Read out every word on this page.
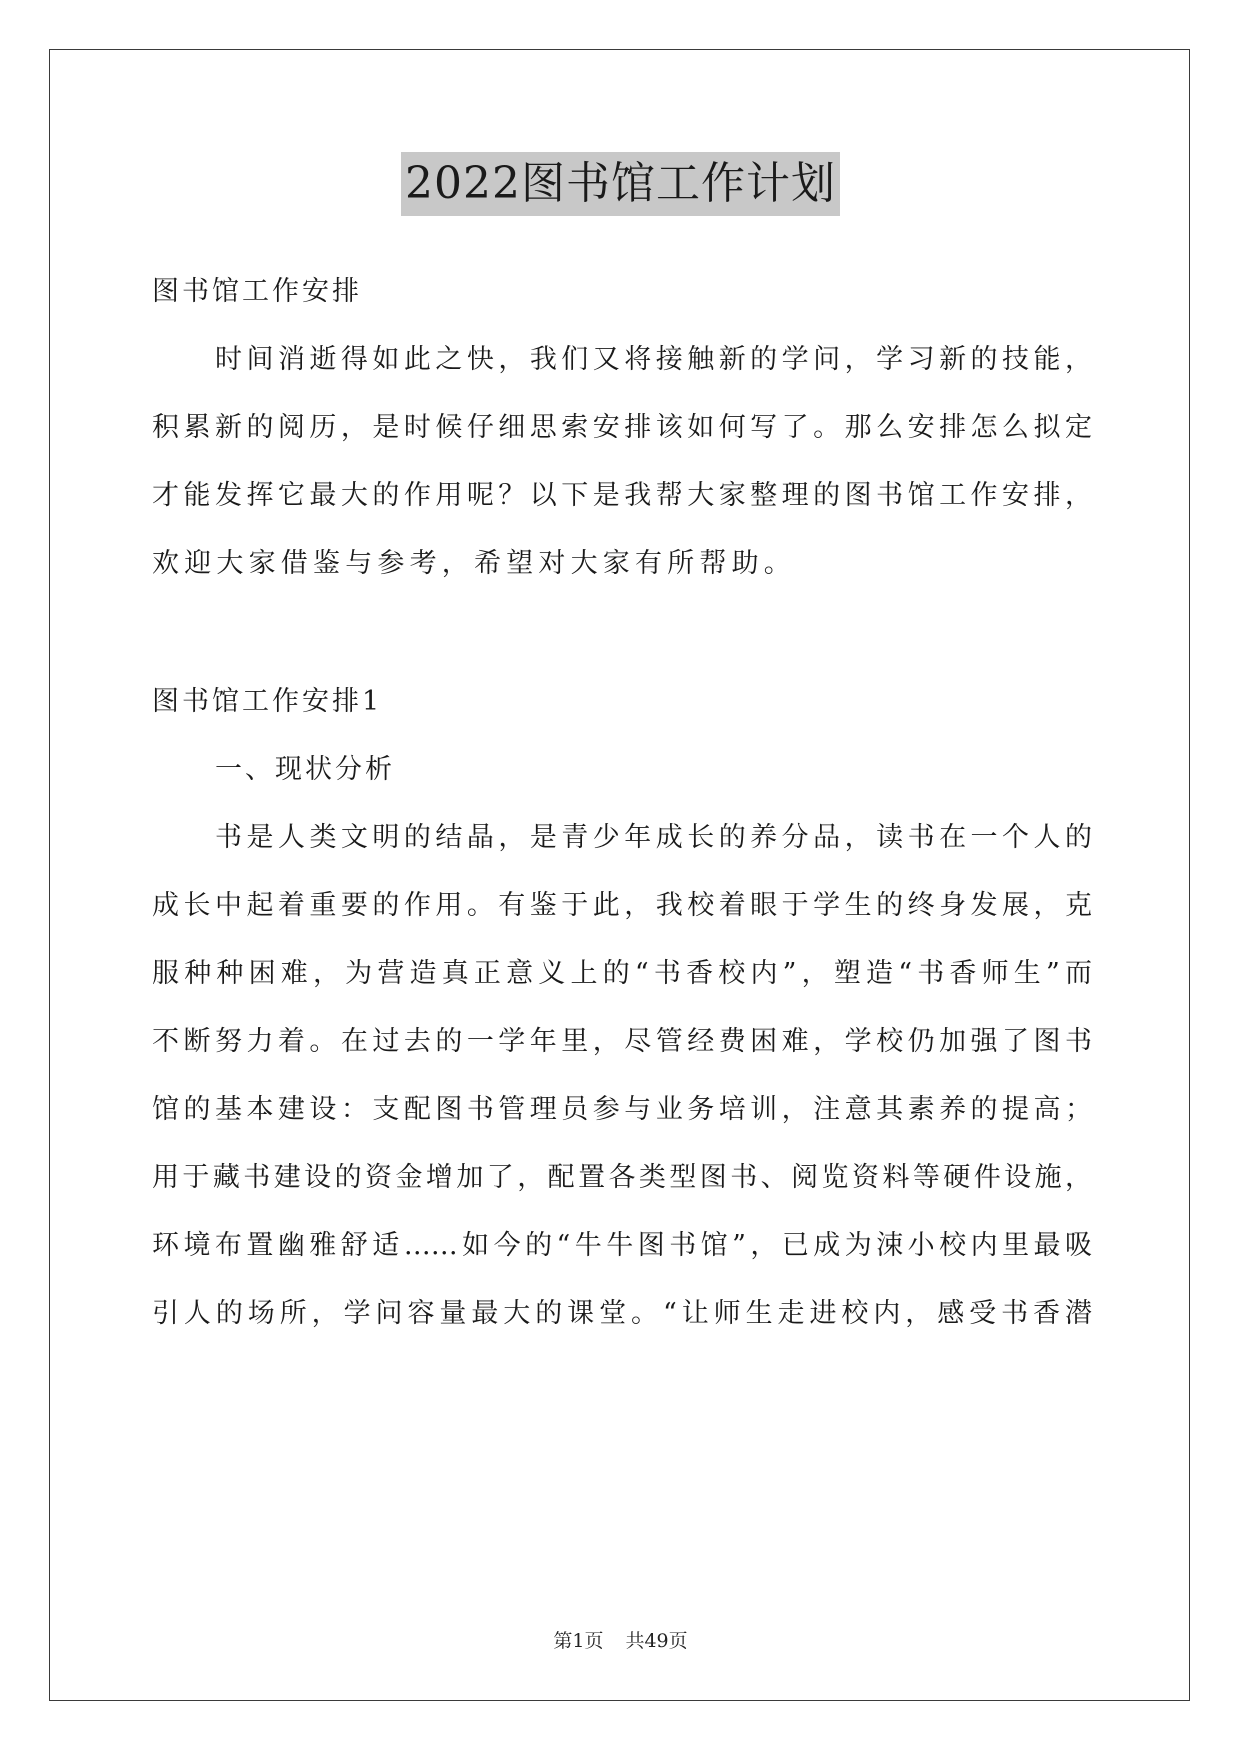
2022图书馆工作计划
图书馆工作安排
时间消逝得如此之快，我们又将接触新的学问，学习新的技能，
积累新的阅历，是时候仔细思索安排该如何写了。那么安排怎么拟定
才能发挥它最大的作用呢？以下是我帮大家整理的图书馆工作安排，
欢迎大家借鉴与参考，希望对大家有所帮助。
图书馆工作安排1
一、现状分析
书是人类文明的结晶，是青少年成长的养分品，读书在一个人的
成长中起着重要的作用。有鉴于此，我校着眼于学生的终身发展，克
服种种困难，为营造真正意义上的“书香校内”，塑造“书香师生”而
不断努力着。在过去的一学年里，尽管经费困难，学校仍加强了图书
馆的基本建设：支配图书管理员参与业务培训，注意其素养的提高；
用于藏书建设的资金增加了，配置各类型图书、阅览资料等硬件设施，
环境布置幽雅舒适……如今的“牛牛图书馆”，已成为涑小校内里最吸
引人的场所，学问容量最大的课堂。“让师生走进校内，感受书香潜
第1页 共49页
